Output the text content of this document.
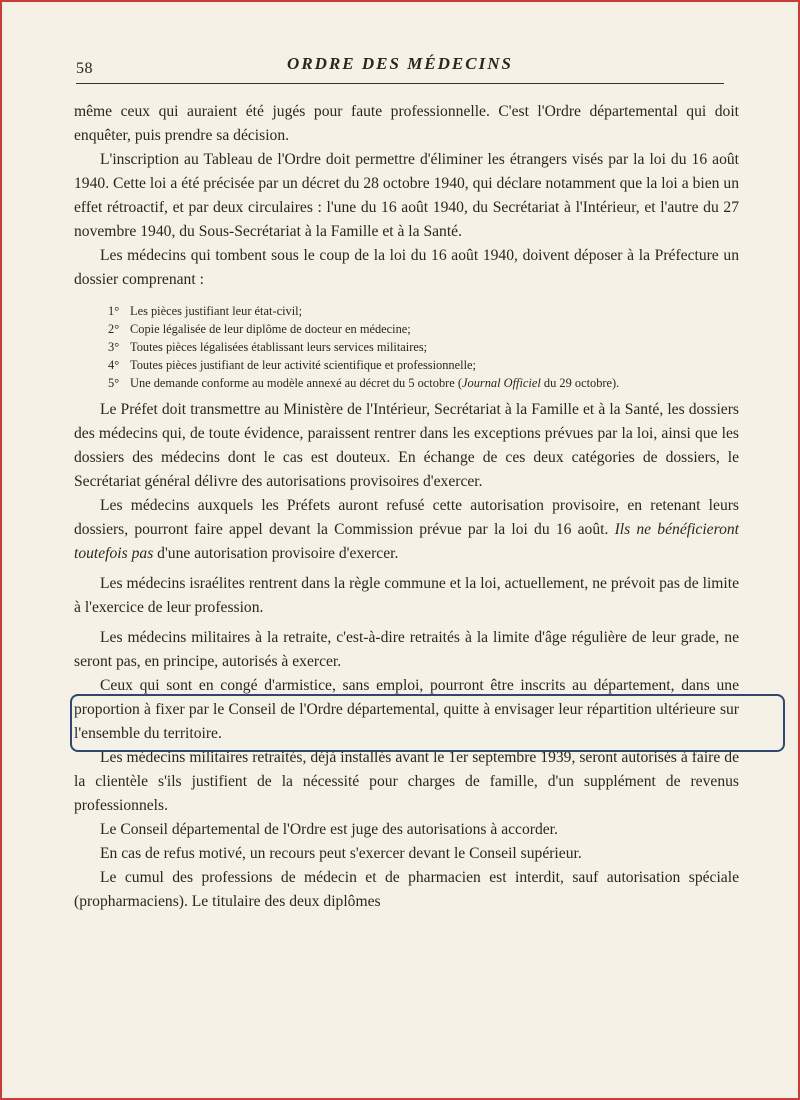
58	ORDRE DES MÉDECINS

même ceux qui auraient été jugés pour faute professionnelle. C'est l'Ordre départemental qui doit enquêter, puis prendre sa décision.

L'inscription au Tableau de l'Ordre doit permettre d'éliminer les étrangers visés par la loi du 16 août 1940. Cette loi a été précisée par un décret du 28 octobre 1940, qui déclare notamment que la loi a bien un effet rétroactif, et par deux circulaires : l'une du 16 août 1940, du Secrétariat à l'Intérieur, et l'autre du 27 novembre 1940, du Sous-Secrétariat à la Famille et à la Santé.

Les médecins qui tombent sous le coup de la loi du 16 août 1940, doivent déposer à la Préfecture un dossier comprenant :

1° Les pièces justifiant leur état-civil;
2° Copie légalisée de leur diplôme de docteur en médecine;
3° Toutes pièces légalisées établissant leurs services militaires;
4° Toutes pièces justifiant de leur activité scientifique et professionnelle;
5° Une demande conforme au modèle annexé au décret du 5 octobre (Journal Officiel du 29 octobre).

Le Préfet doit transmettre au Ministère de l'Intérieur, Secrétariat à la Famille et à la Santé, les dossiers des médecins qui, de toute évidence, paraissent rentrer dans les exceptions prévues par la loi, ainsi que les dossiers des médecins dont le cas est douteux. En échange de ces deux catégories de dossiers, le Secrétariat général délivre des autorisations provisoires d'exercer.

Les médecins auxquels les Préfets auront refusé cette autorisation provisoire, en retenant leurs dossiers, pourront faire appel devant la Commission prévue par la loi du 16 août. Ils ne bénéficieront toutefois pas d'une autorisation provisoire d'exercer.

Les médecins israélites rentrent dans la règle commune et la loi, actuellement, ne prévoit pas de limite à l'exercice de leur profession.

Les médecins militaires à la retraite, c'est-à-dire retraités à la limite d'âge régulière de leur grade, ne seront pas, en principe, autorisés à exercer.

Ceux qui sont en congé d'armistice, sans emploi, pourront être inscrits au département, dans une proportion à fixer par le Conseil de l'Ordre départemental, quitte à envisager leur répartition ultérieure sur l'ensemble du territoire.

Les médecins militaires retraités, déjà installés avant le 1er septembre 1939, seront autorisés à faire de la clientèle s'ils justifient de la nécessité pour charges de famille, d'un supplément de revenus professionnels.

Le Conseil départemental de l'Ordre est juge des autorisations à accorder.

En cas de refus motivé, un recours peut s'exercer devant le Conseil supérieur.

Le cumul des professions de médecin et de pharmacien est interdit, sauf autorisation spéciale (propharmaciens). Le titulaire des deux diplômes
